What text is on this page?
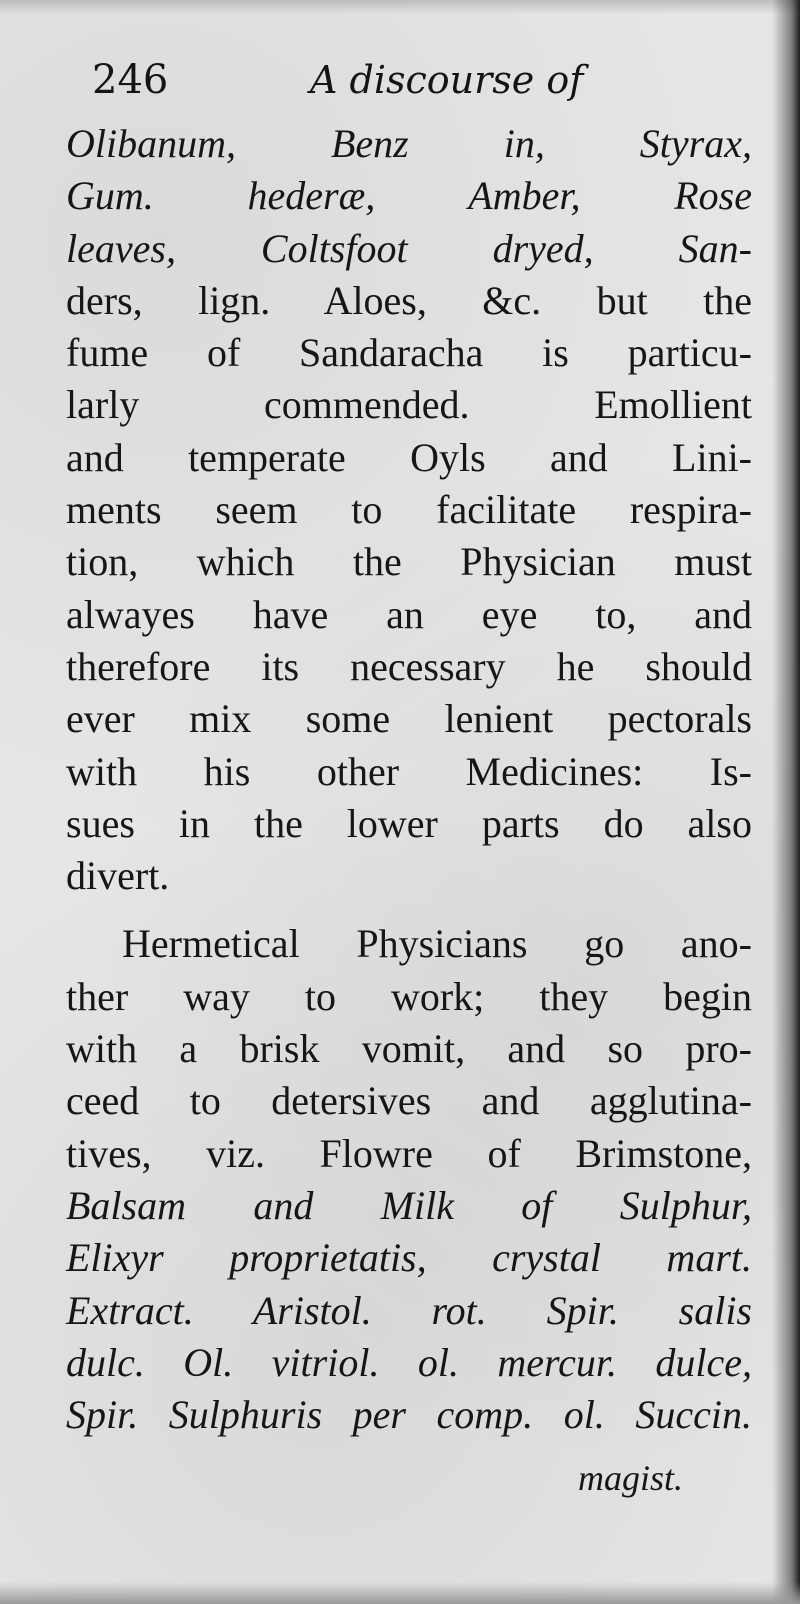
246	A discourse of
Olibanum, Benz in, Styrax,
Gum. hederæ, Amber, Rose
leaves, Coltsfoot dryed, San-
ders, lign. Aloes, &c. but the
fume of Sandaracha is particu-
larly commended. Emollient
and temperate Oyls and Lini-
ments seem to facilitate respira-
tion, which the Physician must
alwayes have an eye to, and
therefore its necessary he should
ever mix some lenient pectorals
with his other Medicines: Is-
sues in the lower parts do also
divert.
Hermetical Physicians go ano-
ther way to work; they begin
with a brisk vomit, and so pro-
ceed to detersives and agglutina-
tives, viz. Flowre of Brimstone,
Balsam and Milk of Sulphur,
Elixyr proprietatis, crystal mart.
Extract. Aristol. rot. Spir. salis
dulc. Ol. vitriol. ol. mercur. dulce,
Spir. Sulphuris per comp. ol. Succin.
magist.
